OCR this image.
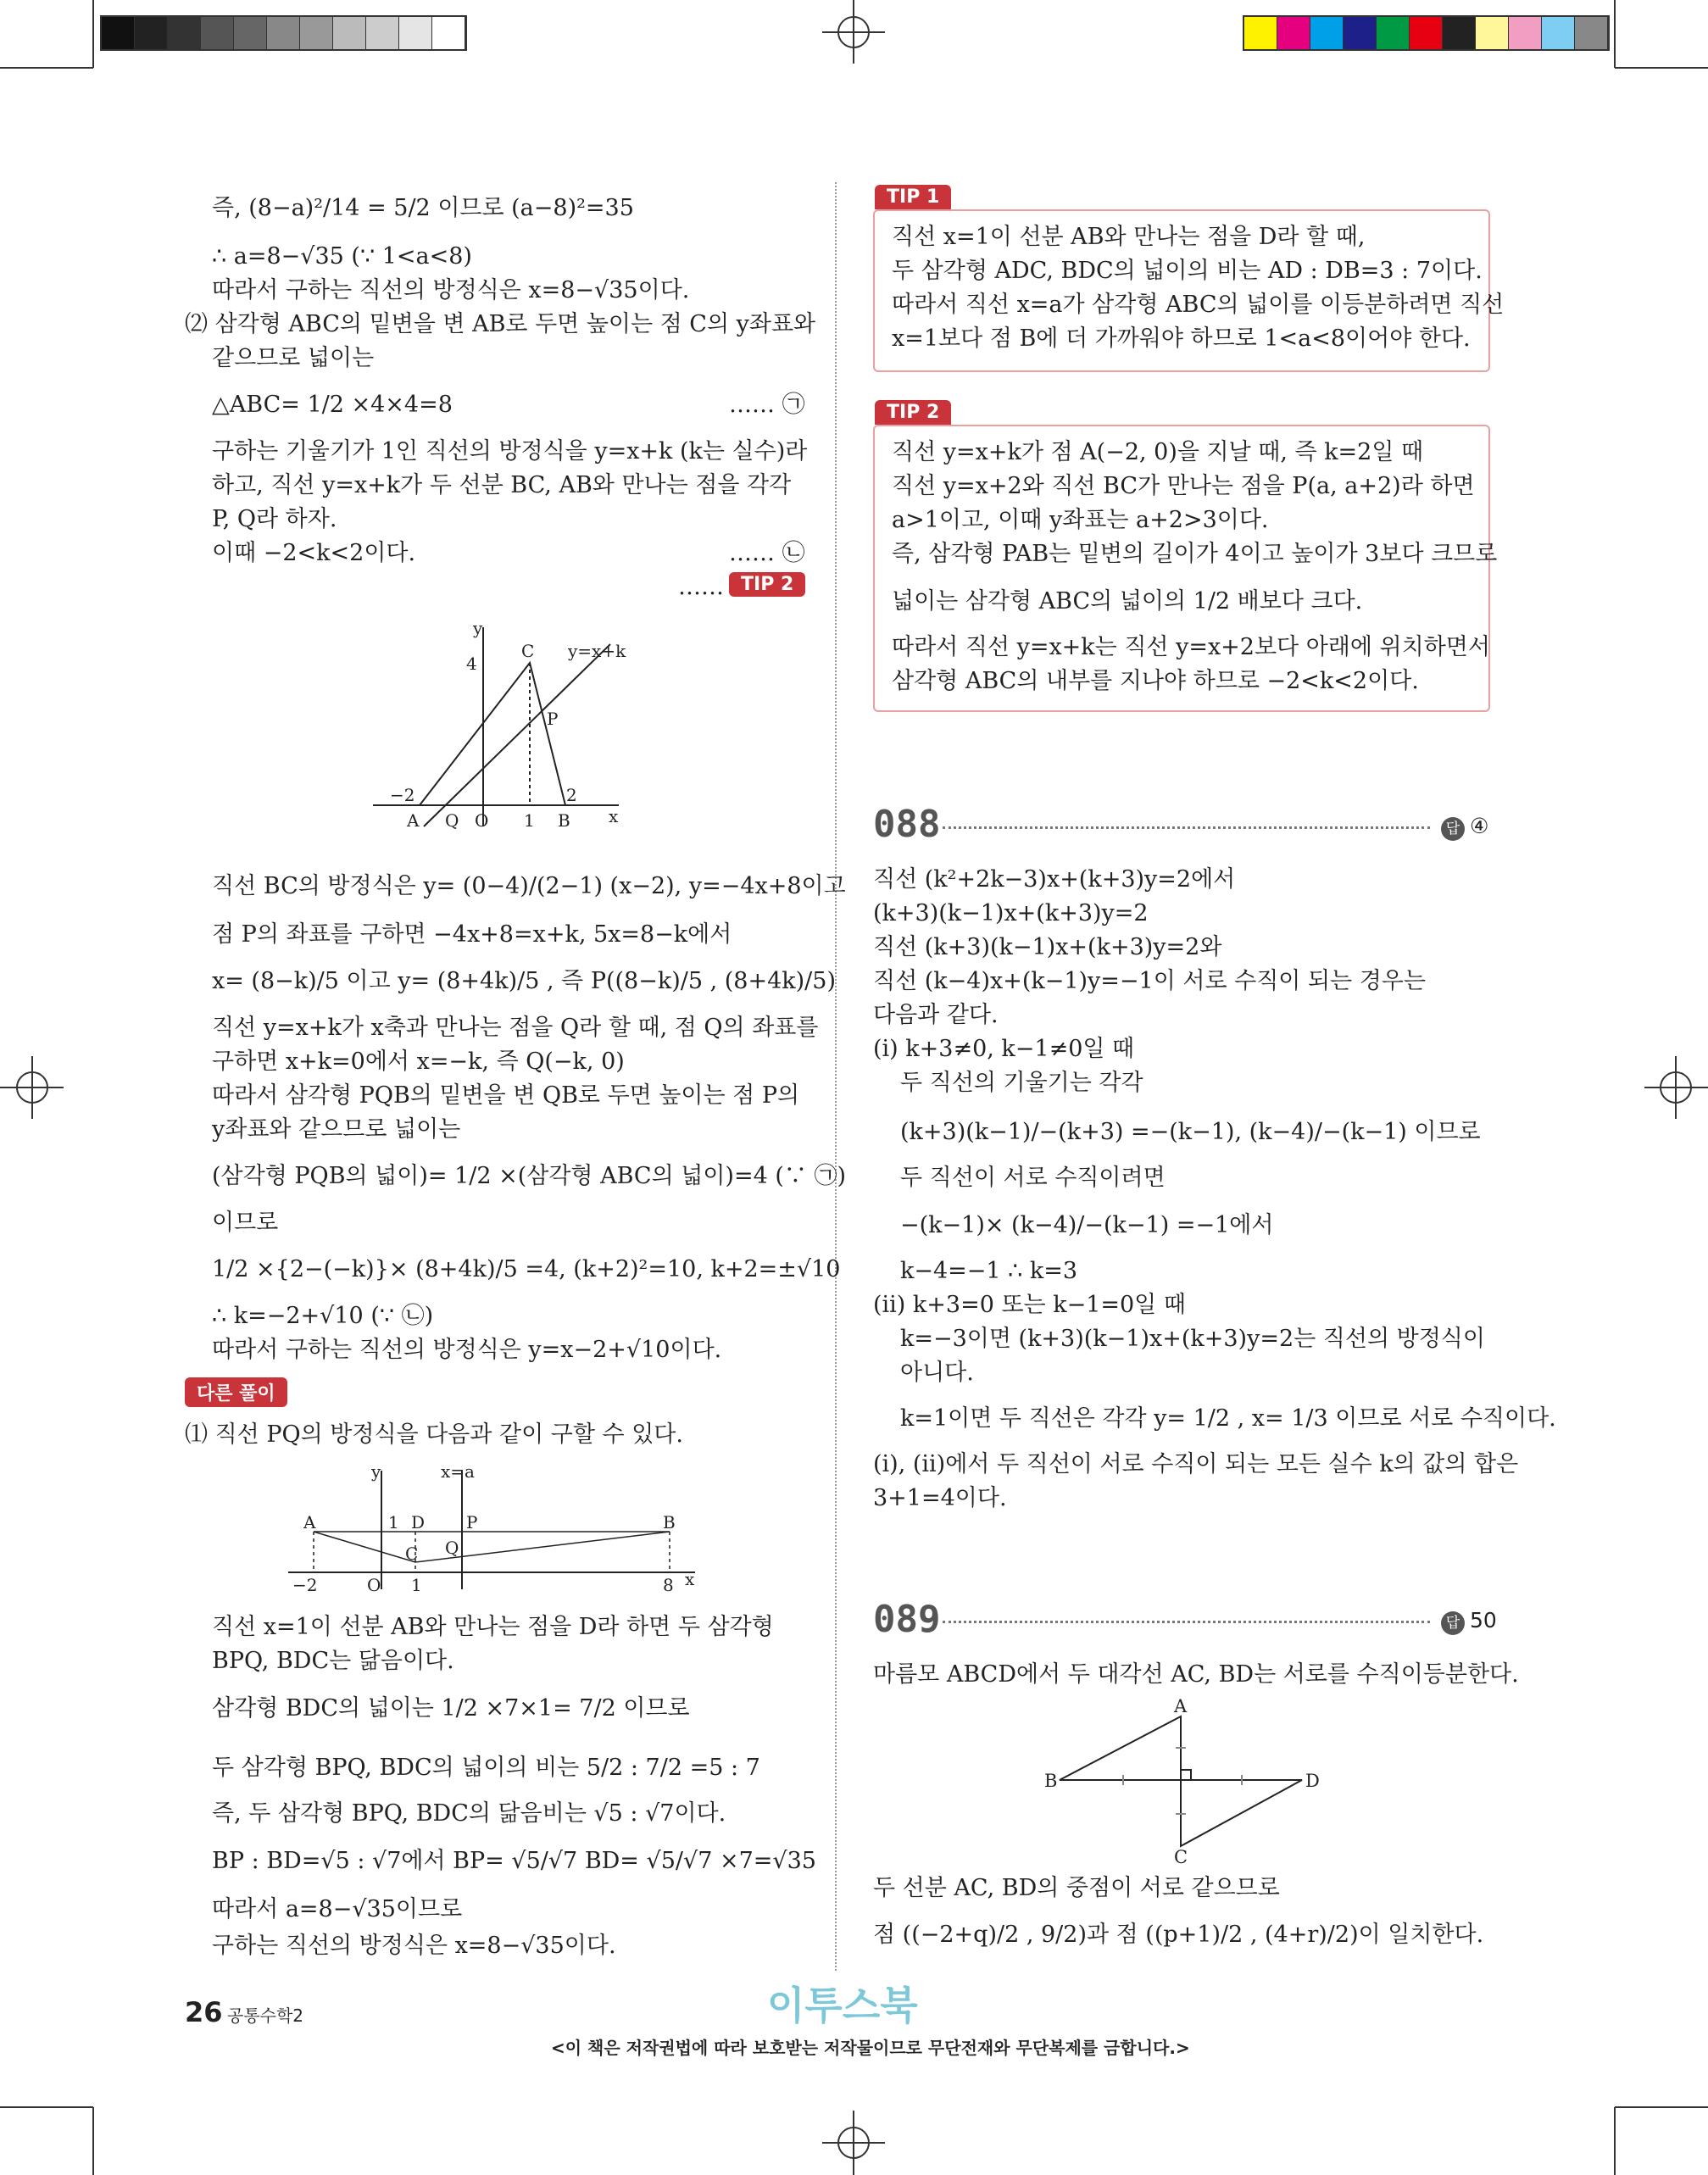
즉, (8−a)²/14 = 5/2 이므로 (a−8)²=35
∴ a=8−√35 (∵ 1<a<8)
따라서 구하는 직선의 방정식은 x=8−√35이다.
⑵ 삼각형 ABC의 밑변을 변 AB로 두면 높이는 점 C의 y좌표와
같으므로 넓이는
△ABC= 1/2 ×4×4=8	…… ㉠
구하는 기울기가 1인 직선의 방정식을 y=x+k (k는 실수)라
하고, 직선 y=x+k가 두 선분 BC, AB와 만나는 점을 각각
P, Q라 하자.
이때 −2<k<2이다.	…… ㉡
…… TIP 2
y
C y=x+k
4
P
−2	2
A Q O 1 B x
직선 BC의 방정식은 y= (0−4)/(2−1) (x−2), y=−4x+8이고
점 P의 좌표를 구하면 −4x+8=x+k, 5x=8−k에서
x= (8−k)/5 이고 y= (8+4k)/5 , 즉 P((8−k)/5 , (8+4k)/5)
직선 y=x+k가 x축과 만나는 점을 Q라 할 때, 점 Q의 좌표를
구하면 x+k=0에서 x=−k, 즉 Q(−k, 0)
따라서 삼각형 PQB의 밑변을 변 QB로 두면 높이는 점 P의
y좌표와 같으므로 넓이는
(삼각형 PQB의 넓이)= 1/2 ×(삼각형 ABC의 넓이)=4 (∵ ㉠)
이므로
1/2 ×{2−(−k)}× (8+4k)/5 =4, (k+2)²=10, k+2=±√10
∴ k=−2+√10 (∵ ㉡)
따라서 구하는 직선의 방정식은 y=x−2+√10이다.
다른 풀이
⑴ 직선 PQ의 방정식을 다음과 같이 구할 수 있다.
y	x=a
A	1 D P	B
C Q
−2	O 1	8 x
직선 x=1이 선분 AB와 만나는 점을 D라 하면 두 삼각형
BPQ, BDC는 닮음이다.
삼각형 BDC의 넓이는 1/2 ×7×1= 7/2 이므로
두 삼각형 BPQ, BDC의 넓이의 비는 5/2 : 7/2 =5 : 7
즉, 두 삼각형 BPQ, BDC의 닮음비는 √5 : √7이다.
BP : BD=√5 : √7에서 BP= √5/√7 BD= √5/√7 ×7=√35
따라서 a=8−√35이므로
구하는 직선의 방정식은 x=8−√35이다.
TIP 1
직선 x=1이 선분 AB와 만나는 점을 D라 할 때,
두 삼각형 ADC, BDC의 넓이의 비는 AD : DB=3 : 7이다.
따라서 직선 x=a가 삼각형 ABC의 넓이를 이등분하려면 직선
x=1보다 점 B에 더 가까워야 하므로 1<a<8이어야 한다.
TIP 2
직선 y=x+k가 점 A(−2, 0)을 지날 때, 즉 k=2일 때
직선 y=x+2와 직선 BC가 만나는 점을 P(a, a+2)라 하면
a>1이고, 이때 y좌표는 a+2>3이다.
즉, 삼각형 PAB는 밑변의 길이가 4이고 높이가 3보다 크므로
넓이는 삼각형 ABC의 넓이의 1/2 배보다 크다.
따라서 직선 y=x+k는 직선 y=x+2보다 아래에 위치하면서
삼각형 ABC의 내부를 지나야 하므로 −2<k<2이다.
088	답 ④
직선 (k²+2k−3)x+(k+3)y=2에서
(k+3)(k−1)x+(k+3)y=2
직선 (k+3)(k−1)x+(k+3)y=2와
직선 (k−4)x+(k−1)y=−1이 서로 수직이 되는 경우는
다음과 같다.
(ⅰ) k+3≠0, k−1≠0일 때
두 직선의 기울기는 각각
(k+3)(k−1)/−(k+3) =−(k−1), (k−4)/−(k−1) 이므로
두 직선이 서로 수직이려면
−(k−1)× (k−4)/−(k−1) =−1에서
k−4=−1 ∴ k=3
(ⅱ) k+3=0 또는 k−1=0일 때
k=−3이면 (k+3)(k−1)x+(k+3)y=2는 직선의 방정식이
아니다.
k=1이면 두 직선은 각각 y= 1/2 , x= 1/3 이므로 서로 수직이다.
(ⅰ), (ⅱ)에서 두 직선이 서로 수직이 되는 모든 실수 k의 값의 합은
3+1=4이다.
089	답 50
마름모 ABCD에서 두 대각선 AC, BD는 서로를 수직이등분한다.
A
B	D
C
두 선분 AC, BD의 중점이 서로 같으므로
점 ((−2+q)/2 , 9/2)과 점 ((p+1)/2 , (4+r)/2)이 일치한다.
26 공통수학2	이투스북
<이 책은 저작권법에 따라 보호받는 저작물이므로 무단전재와 무단복제를 금합니다.>
